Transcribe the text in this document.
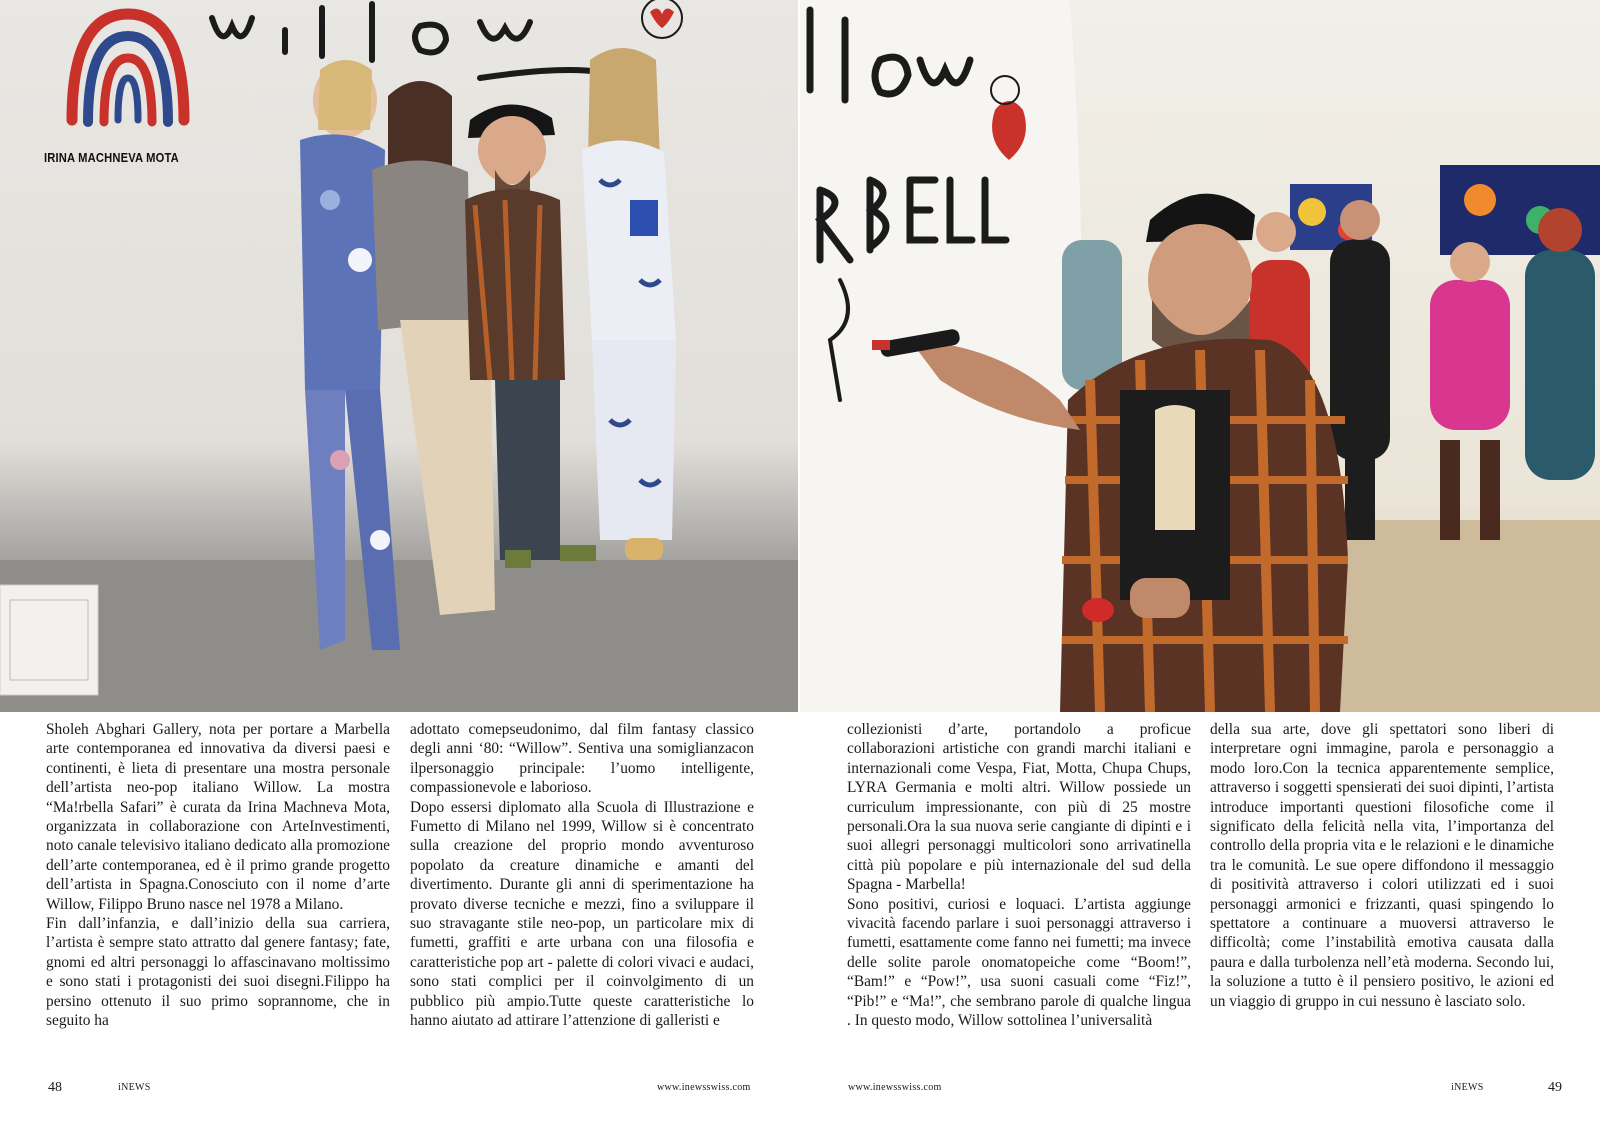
IRINA MACHNEVA MOTA

Sholeh Abghari Gallery, nota per portare a Marbella arte contemporanea ed innovativa da diversi paesi e continenti, è lieta di presentare una mostra personale dell’artista neo-pop italiano Willow. La mostra “Ma!rbella Safari” è curata da Irina Machneva Mota, organizzata in collaborazione con ArteInvestimenti, noto canale televisivo italiano dedicato alla promozione dell’arte contemporanea, ed è il primo grande progetto dell’artista in Spagna.Conosciuto con il nome d’arte Willow, Filippo Bruno nasce nel 1978 a Milano.

Fin dall’infanzia, e dall’inizio della sua carriera, l’artista è sempre stato attratto dal genere fantasy; fate, gnomi ed altri personaggi lo affascinavano moltissimo e sono stati i protagonisti dei suoi disegni.Filippo ha persino ottenuto il suo primo soprannome, che in seguito ha

adottato comepseudonimo, dal film fantasy classico degli anni ‘80: “Willow”. Sentiva una somiglianzacon ilpersonaggio principale: l’uomo intelligente, compassionevole e laborioso.

Dopo essersi diplomato alla Scuola di Illustrazione e Fumetto di Milano nel 1999, Willow si è concentrato sulla creazione del proprio mondo avventuroso popolato da creature dinamiche e amanti del divertimento. Durante gli anni di sperimentazione ha provato diverse tecniche e mezzi, fino a sviluppare il suo stravagante stile neo-pop, un particolare mix di fumetti, graffiti e arte urbana con una filosofia e caratteristiche pop art - palette di colori vivaci e audaci, sono stati complici per il coinvolgimento di un pubblico più ampio.Tutte queste caratteristiche lo hanno aiutato ad attirare l’attenzione di galleristi e

collezionisti d’arte, portandolo a proficue collaborazioni artistiche con grandi marchi italiani e internazionali come Vespa, Fiat, Motta, Chupa Chups, LYRA Germania e molti altri. Willow possiede un curriculum impressionante, con più di 25 mostre personali.Ora la sua nuova serie cangiante di dipinti e i suoi allegri personaggi multicolori sono arrivatinella città più popolare e più internazionale del sud della Spagna - Marbella!

Sono positivi, curiosi e loquaci. L’artista aggiunge vivacità facendo parlare i suoi personaggi attraverso i fumetti, esattamente come fanno nei fumetti; ma invece delle solite parole onomatopeiche come “Boom!”, “Bam!” e “Pow!”, usa suoni casuali come “Fiz!”, “Pib!” e “Ma!”, che sembrano parole di qualche lingua . In questo modo, Willow sottolinea l’universalità

della sua arte, dove gli spettatori sono liberi di interpretare ogni immagine, parola e personaggio a modo loro.Con la tecnica apparentemente semplice, attraverso i soggetti spensierati dei suoi dipinti, l’artista introduce importanti questioni filosofiche come il significato della felicità nella vita, l’importanza del controllo della propria vita e le relazioni e le dinamiche tra le comunità. Le sue opere diffondono il messaggio di positività attraverso i colori utilizzati ed i suoi personaggi armonici e frizzanti, quasi spingendo lo spettatore a continuare a muoversi attraverso le difficoltà; come l’instabilità emotiva causata dalla paura e dalla turbolenza nell’età moderna. Secondo lui, la soluzione a tutto è il pensiero positivo, le azioni ed un viaggio di gruppo in cui nessuno è lasciato solo.

48	iNEWS	www.inewsswiss.com	www.inewsswiss.com	iNEWS	49
